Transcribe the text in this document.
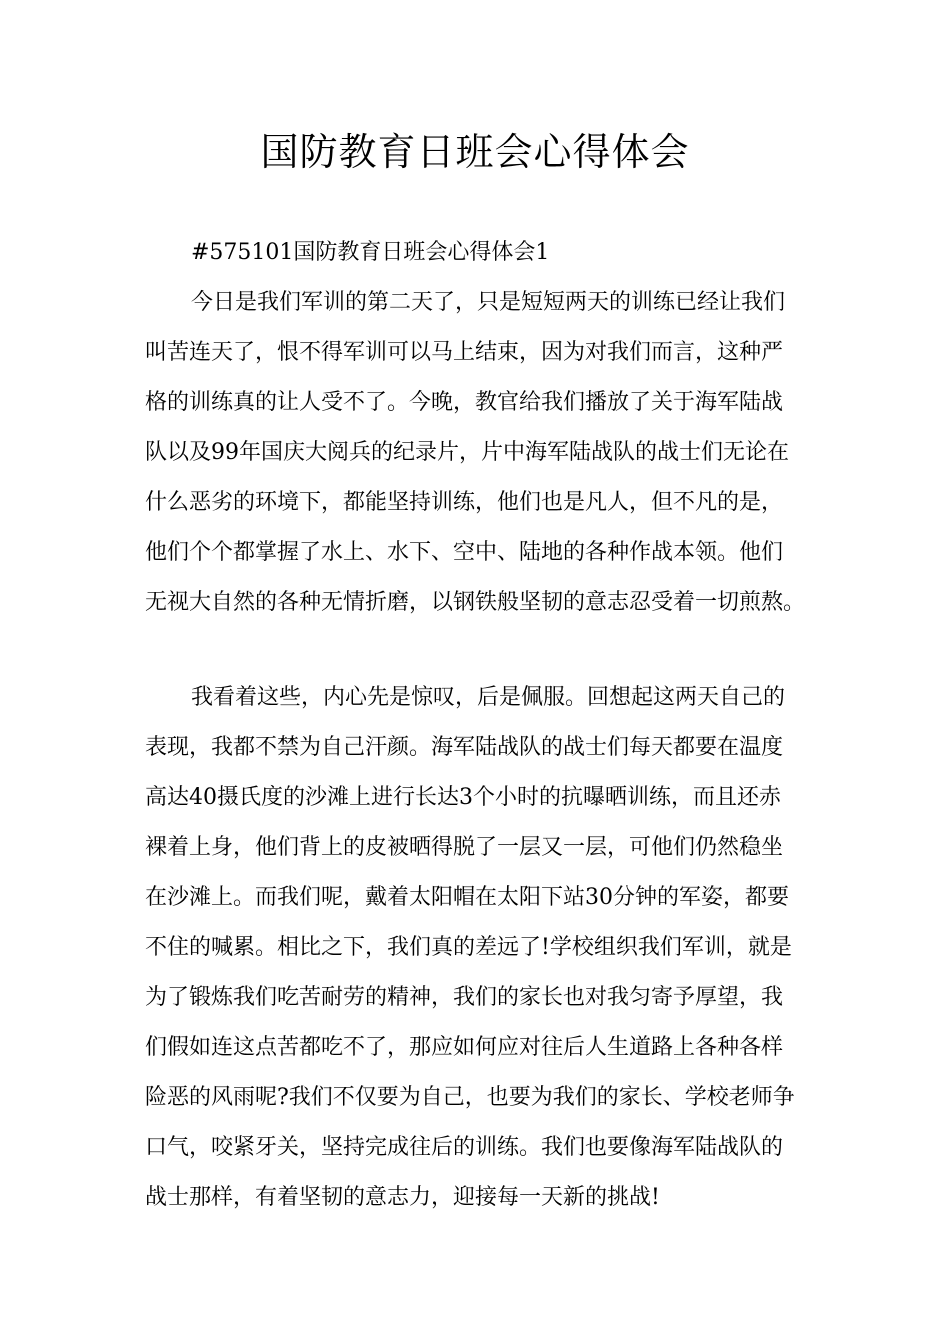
国防教育日班会心得体会

#575101国防教育日班会心得体会1

今日是我们军训的第二天了，只是短短两天的训练已经让我们
叫苦连天了，恨不得军训可以马上结束，因为对我们而言，这种严
格的训练真的让人受不了。今晚，教官给我们播放了关于海军陆战
队以及99年国庆大阅兵的纪录片，片中海军陆战队的战士们无论在
什么恶劣的环境下，都能坚持训练，他们也是凡人，但不凡的是，
他们个个都掌握了水上、水下、空中、陆地的各种作战本领。他们
无视大自然的各种无情折磨，以钢铁般坚韧的意志忍受着一切煎熬。
我看着这些，内心先是惊叹，后是佩服。回想起这两天自己的
表现，我都不禁为自己汗颜。海军陆战队的战士们每天都要在温度
高达40摄氏度的沙滩上进行长达3个小时的抗曝晒训练，而且还赤
裸着上身，他们背上的皮被晒得脱了一层又一层，可他们仍然稳坐
在沙滩上。而我们呢，戴着太阳帽在太阳下站30分钟的军姿，都要
不住的喊累。相比之下，我们真的差远了!学校组织我们军训，就是
为了锻炼我们吃苦耐劳的精神，我们的家长也对我匀寄予厚望，我
们假如连这点苦都吃不了，那应如何应对往后人生道路上各种各样
险恶的风雨呢?我们不仅要为自己，也要为我们的家长、学校老师争
口气，咬紧牙关，坚持完成往后的训练。我们也要像海军陆战队的
战士那样，有着坚韧的意志力，迎接每一天新的挑战!
